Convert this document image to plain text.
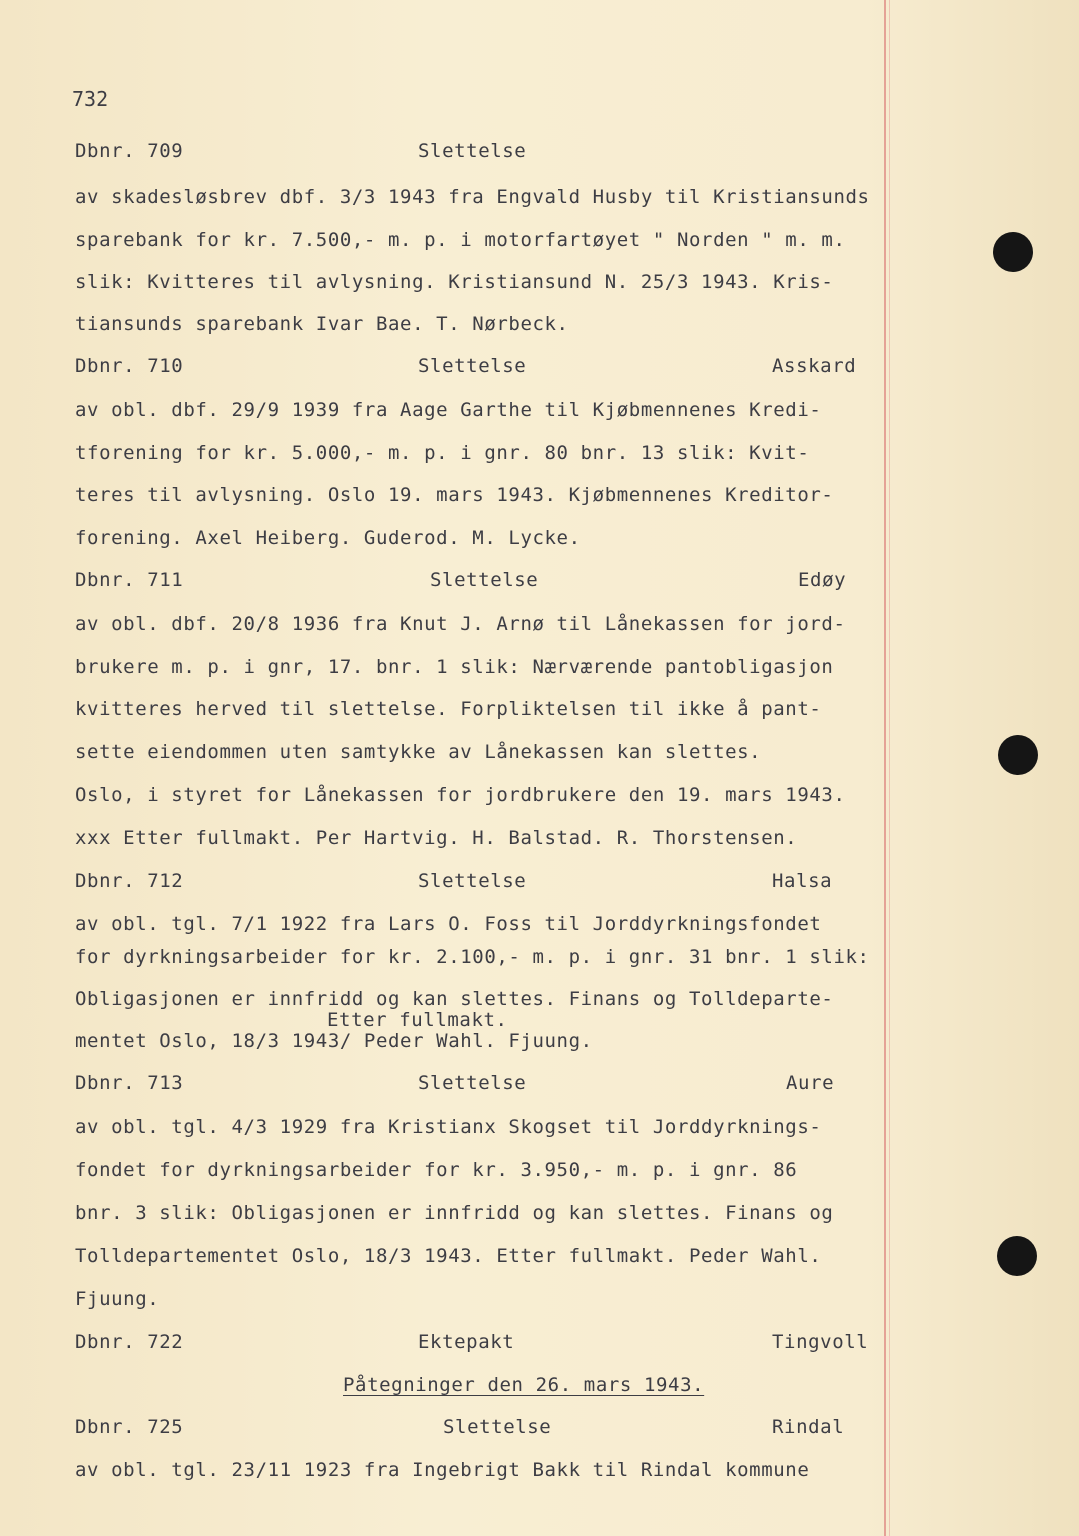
732
Dbnr. 709	Slettelse
av skadesløsbrev dbf. 3/3 1943 fra Engvald Husby til Kristiansunds
sparebank for kr. 7.500,- m. p. i motorfartøyet " Norden " m. m.
slik: Kvitteres til avlysning. Kristiansund N. 25/3 1943. Kris-
tiansunds sparebank Ivar Bae. T. Nørbeck.
Dbnr. 710	Slettelse	Asskard
av obl. dbf. 29/9 1939 fra Aage Garthe til Kjøbmennenes Kredi-
tforening for kr. 5.000,- m. p. i gnr. 80 bnr. 13 slik: Kvit-
teres til avlysning. Oslo 19. mars 1943. Kjøbmennenes Kreditor-
forening. Axel Heiberg. Guderod. M. Lycke.
Dbnr. 711	Slettelse	Edøy
av obl. dbf. 20/8 1936 fra Knut J. Arnø til Lånekassen for jord-
brukere m. p. i gnr, 17. bnr. 1 slik: Nærværende pantobligasjon
kvitteres herved til slettelse. Forpliktelsen til ikke å pant-
sette eiendommen uten samtykke av Lånekassen kan slettes.
Oslo, i styret for Lånekassen for jordbrukere den 19. mars 1943.
xxx Etter fullmakt. Per Hartvig. H. Balstad. R. Thorstensen.
Dbnr. 712	Slettelse	Halsa
av obl. tgl. 7/1 1922 fra Lars O. Foss til Jorddyrkningsfondet
for dyrkningsarbeider for kr. 2.100,- m. p. i gnr. 31 bnr. 1 slik:
Obligasjonen er innfridd og kan slettes. Finans og Tolldeparte-
Etter fullmakt.
mentet Oslo, 18/3 1943/ Peder Wahl. Fjuung.
Dbnr. 713	Slettelse	Aure
av obl. tgl. 4/3 1929 fra Kristianx Skogset til Jorddyrknings-
fondet for dyrkningsarbeider for kr. 3.950,- m. p. i gnr. 86
bnr. 3 slik: Obligasjonen er innfridd og kan slettes. Finans og
Tolldepartementet Oslo, 18/3 1943. Etter fullmakt. Peder Wahl.
Fjuung.
Dbnr. 722	Ektepakt	Tingvoll
Påtegninger den 26. mars 1943.
Dbnr. 725	Slettelse	Rindal
av obl. tgl. 23/11 1923 fra Ingebrigt Bakk til Rindal kommune
